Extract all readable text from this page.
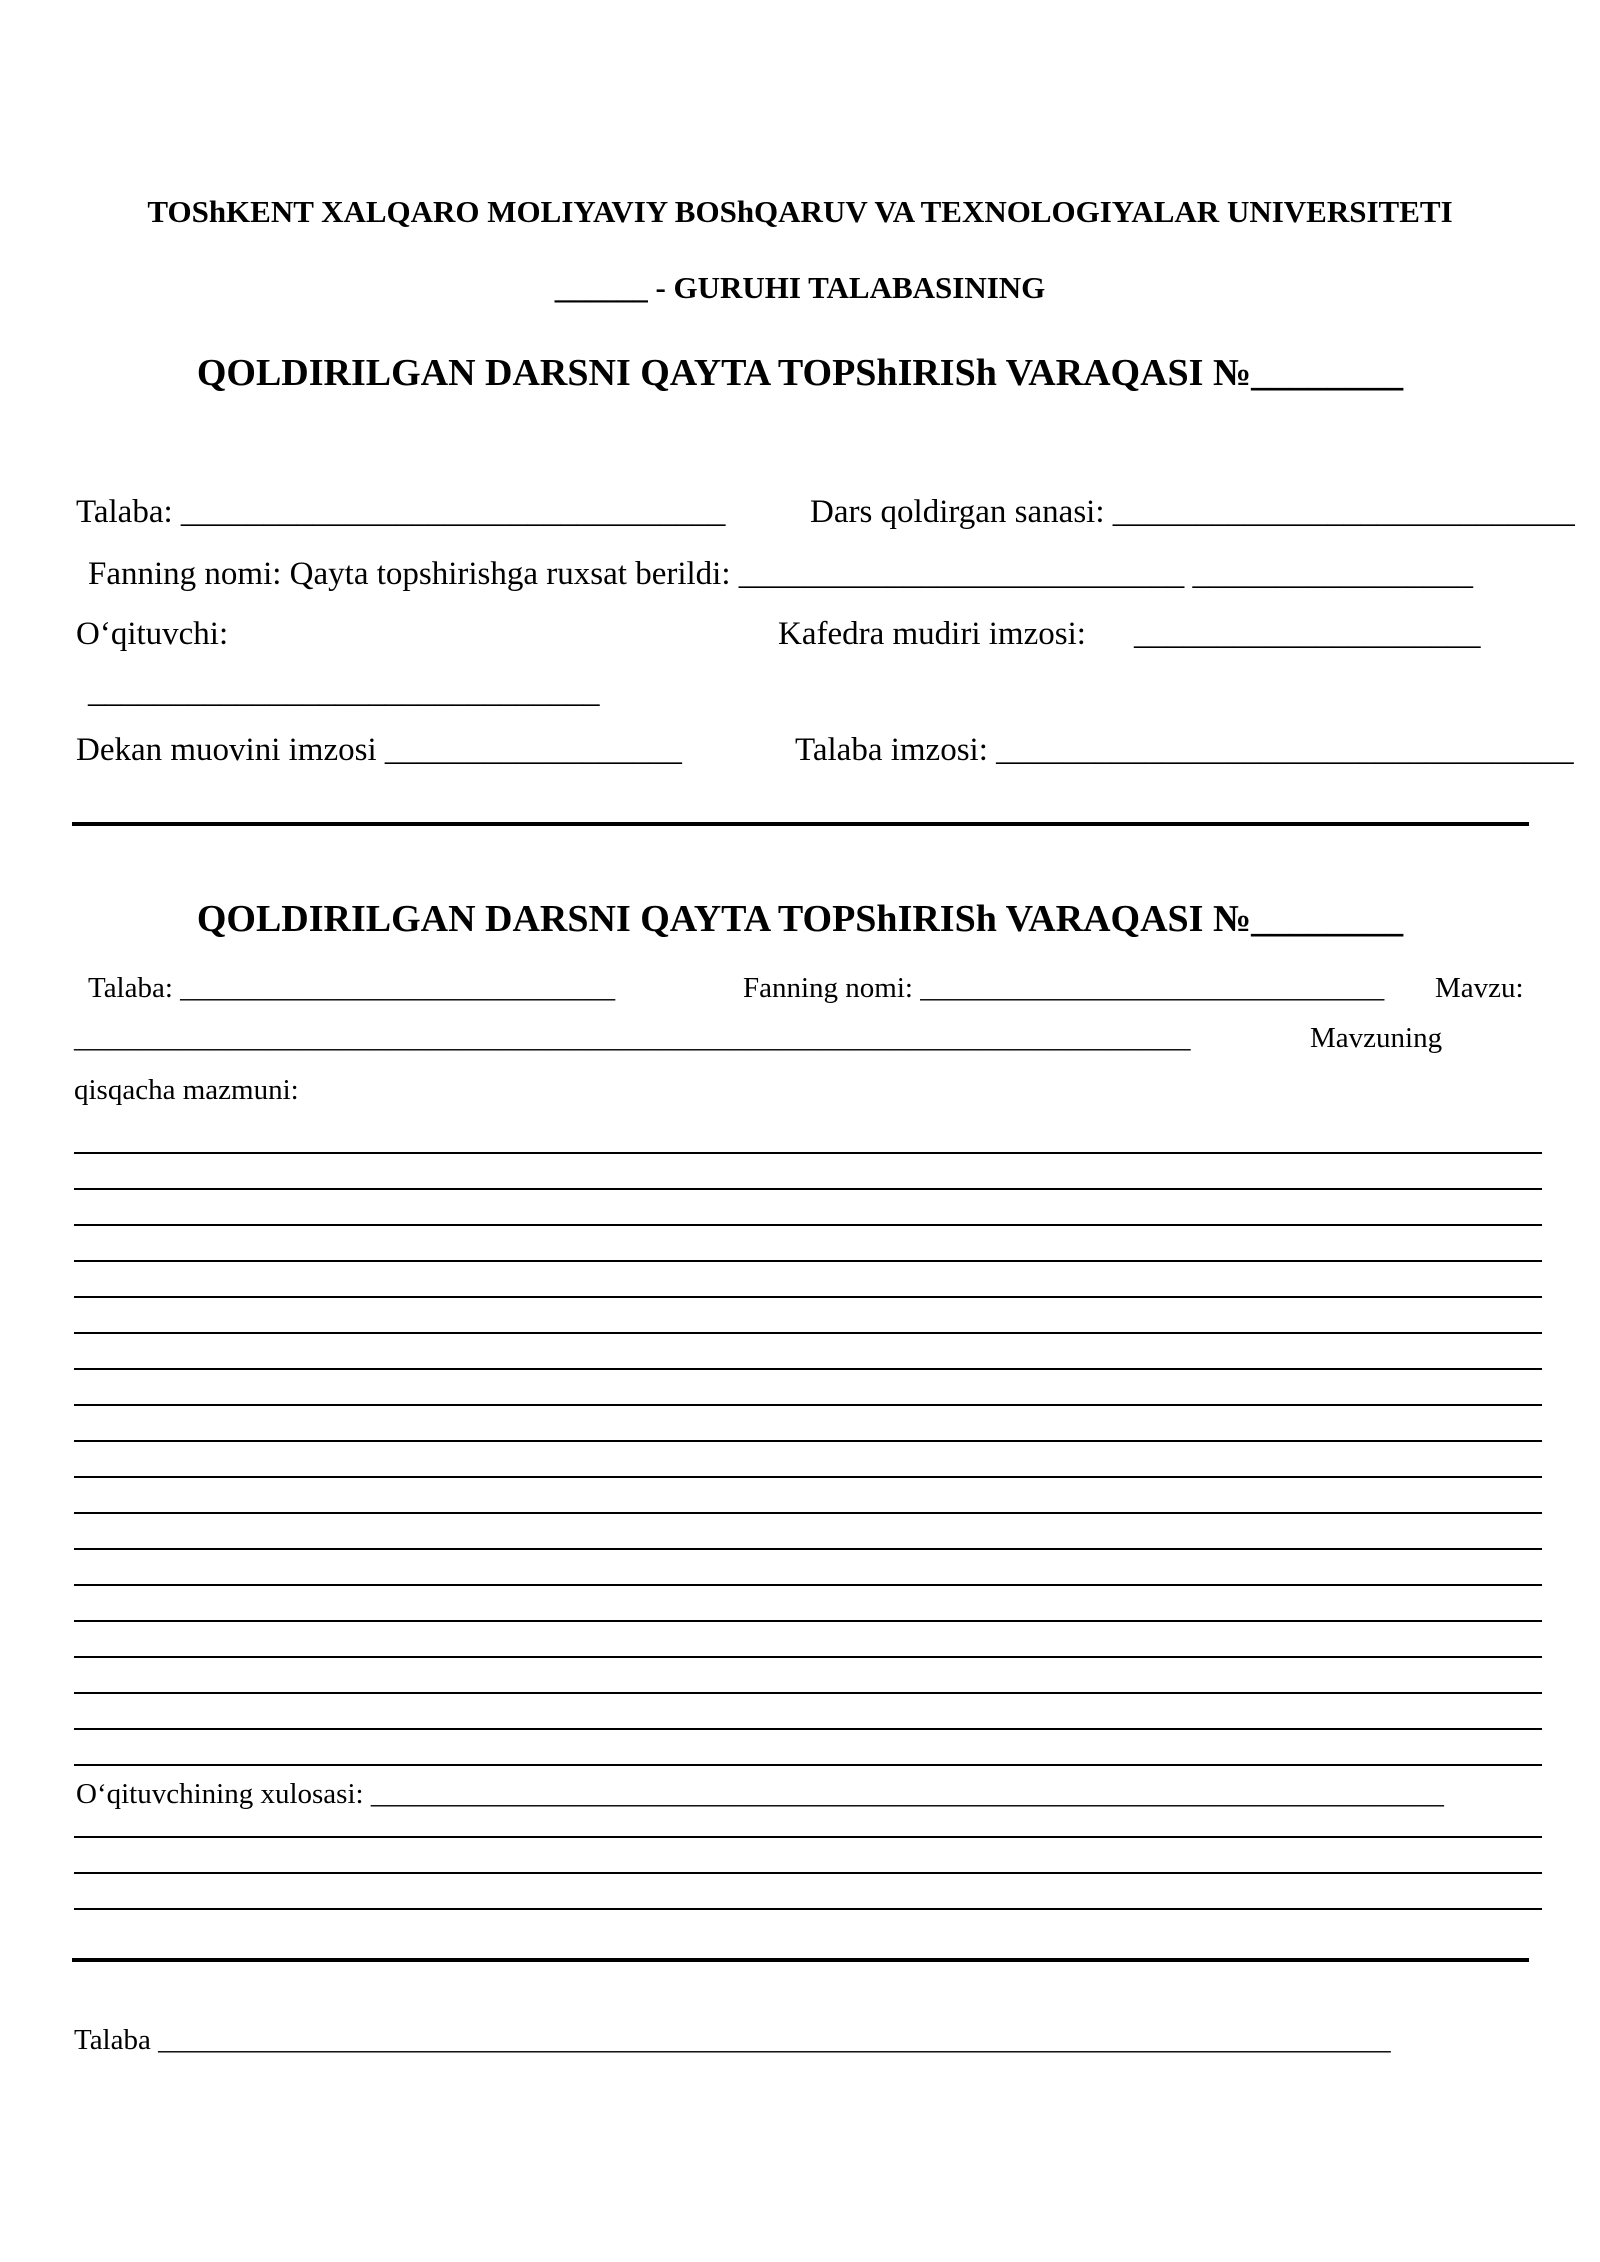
TOShKENT XALQARO MOLIYAVIY BOShQARUV VA TEXNOLOGIYALAR UNIVERSITETI
______ - GURUHI TALABASINING
QOLDIRILGAN DARSNI QAYTA TOPShIRISh VARAQASI №________
Talaba: _________________________________	Dars qoldirgan sanasi: ____________________________
Fanning nomi: Qayta topshirishga ruxsat berildi: ___________________________ _________________
O‘qituvchi:	Kafedra mudiri imzosi: _____________________
_______________________________
Dekan muovini imzosi __________________	Talaba imzosi: ___________________________________
QOLDIRILGAN DARSNI QAYTA TOPShIRISh VARAQASI №________
Talaba: ______________________________	Fanning nomi: ________________________________ Mavzu:
_____________________________________________________________________________	Mavzuning
qisqacha mazmuni:
O‘qituvchining xulosasi: __________________________________________________________________________
Talaba _____________________________________________________________________________________
